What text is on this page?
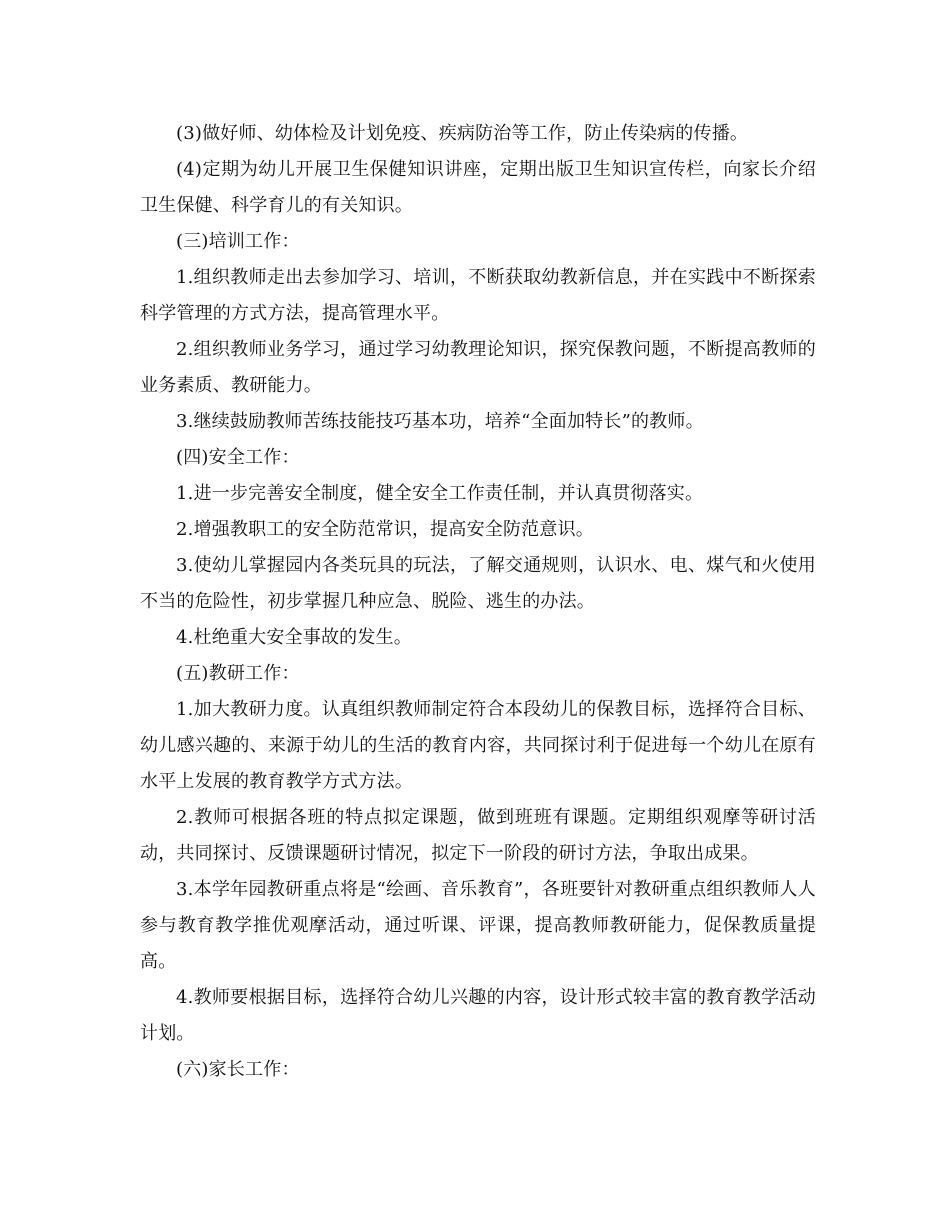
(3)做好师、幼体检及计划免疫、疾病防治等工作，防止传染病的传播。

(4)定期为幼儿开展卫生保健知识讲座，定期出版卫生知识宣传栏，向家长介绍卫生保健、科学育儿的有关知识。

(三)培训工作：

1.组织教师走出去参加学习、培训，不断获取幼教新信息，并在实践中不断探索科学管理的方式方法，提高管理水平。

2.组织教师业务学习，通过学习幼教理论知识，探究保教问题，不断提高教师的业务素质、教研能力。

3.继续鼓励教师苦练技能技巧基本功，培养“全面加特长”的教师。

(四)安全工作：

1.进一步完善安全制度，健全安全工作责任制，并认真贯彻落实。

2.增强教职工的安全防范常识，提高安全防范意识。

3.使幼儿掌握园内各类玩具的玩法，了解交通规则，认识水、电、煤气和火使用不当的危险性，初步掌握几种应急、脱险、逃生的办法。

4.杜绝重大安全事故的发生。

(五)教研工作：

1.加大教研力度。认真组织教师制定符合本段幼儿的保教目标，选择符合目标、幼儿感兴趣的、来源于幼儿的生活的教育内容，共同探讨利于促进每一个幼儿在原有水平上发展的教育教学方式方法。

2.教师可根据各班的特点拟定课题，做到班班有课题。定期组织观摩等研讨活动，共同探讨、反馈课题研讨情况，拟定下一阶段的研讨方法，争取出成果。

3.本学年园教研重点将是“绘画、音乐教育”，各班要针对教研重点组织教师人人参与教育教学推优观摩活动，通过听课、评课，提高教师教研能力，促保教质量提高。

4.教师要根据目标，选择符合幼儿兴趣的内容，设计形式较丰富的教育教学活动计划。

(六)家长工作：
